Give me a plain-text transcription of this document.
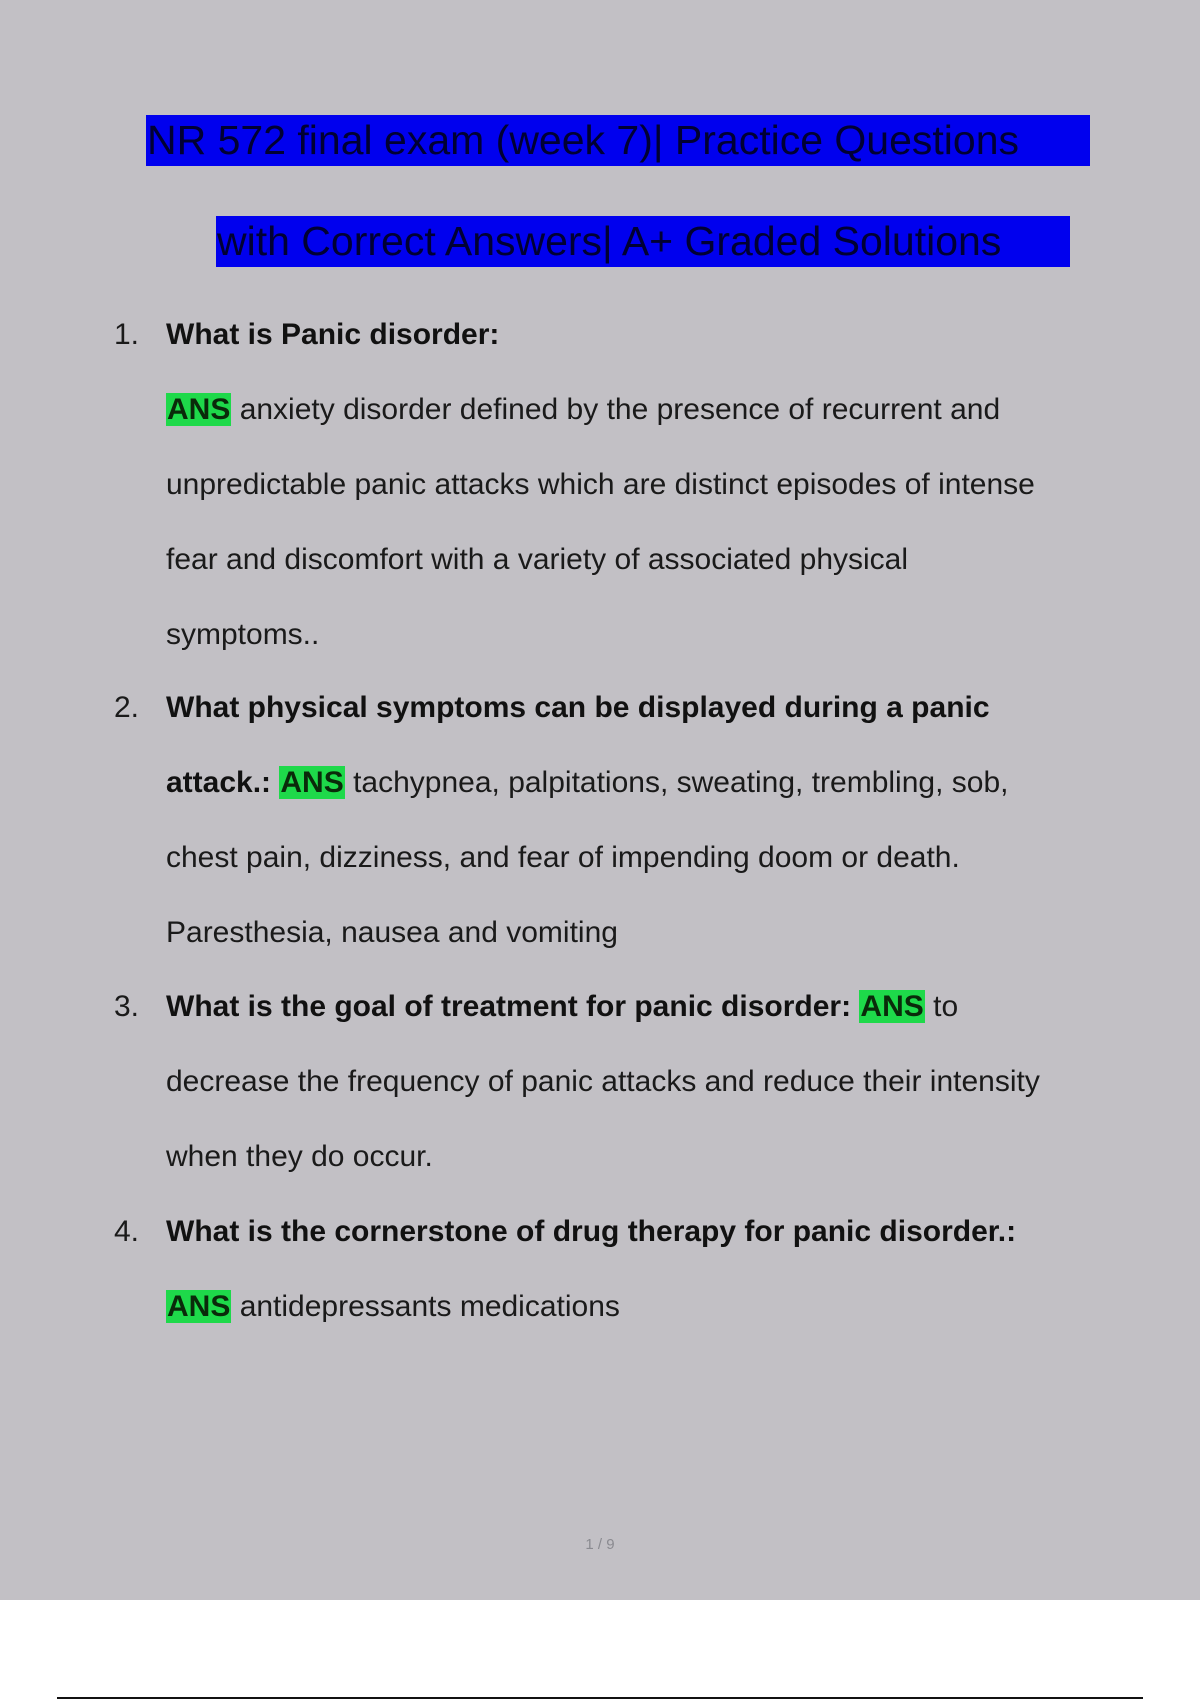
NR 572 final exam (week 7)| Practice Questions
with Correct Answers| A+ Graded Solutions
1. What is Panic disorder:
ANS anxiety disorder defined by the presence of recurrent and
unpredictable panic attacks which are distinct episodes of intense
fear and discomfort with a variety of associated physical
symptoms..
2. What physical symptoms can be displayed during a panic
attack.: ANS tachypnea, palpitations, sweating, trembling, sob,
chest pain, dizziness, and fear of impending doom or death.
Paresthesia, nausea and vomiting
3. What is the goal of treatment for panic disorder: ANS to
decrease the frequency of panic attacks and reduce their intensity
when they do occur.
4. What is the cornerstone of drug therapy for panic disorder.:
ANS antidepressants medications
1 / 9
